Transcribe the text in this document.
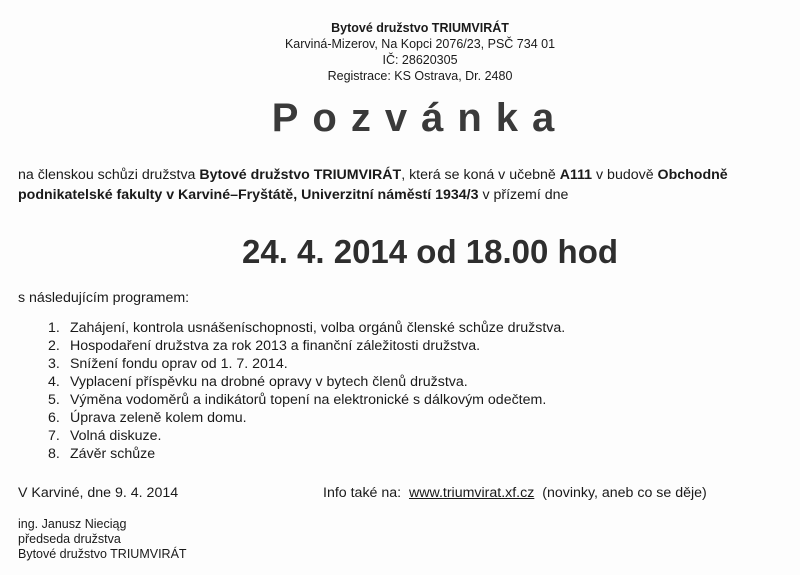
Bytové družstvo TRIUMVIRÁT
Karviná-Mizerov, Na Kopci 2076/23, PSČ 734 01
IČ: 28620305
Registrace: KS Ostrava, Dr. 2480
Pozvánka
na členskou schůzi družstva Bytové družstvo TRIUMVIRÁT, která se koná v učebně A111 v budově Obchodně podnikatelské fakulty v Karviné–Fryštátě, Univerzitní náměstí 1934/3 v přízemí dne
24. 4. 2014 od 18.00 hod
s následujícím programem:
1. Zahájení, kontrola usnášeníschopnosti, volba orgánů členské schůze družstva.
2. Hospodaření družstva za rok 2013 a finanční záležitosti družstva.
3. Snížení fondu oprav od 1. 7. 2014.
4. Vyplacení příspěvku na drobné opravy v bytech členů družstva.
5. Výměna vodoměrů a indikátorů topení na elektronické s dálkovým odečtem.
6. Úprava zeleně kolem domu.
7. Volná diskuze.
8. Závěr schůze
V Karviné, dne 9. 4. 2014	Info také na: www.triumvirat.xf.cz (novinky, aneb co se děje)
ing. Janusz Nieciąg
předseda družstva
Bytové družstvo TRIUMVIRÁT
